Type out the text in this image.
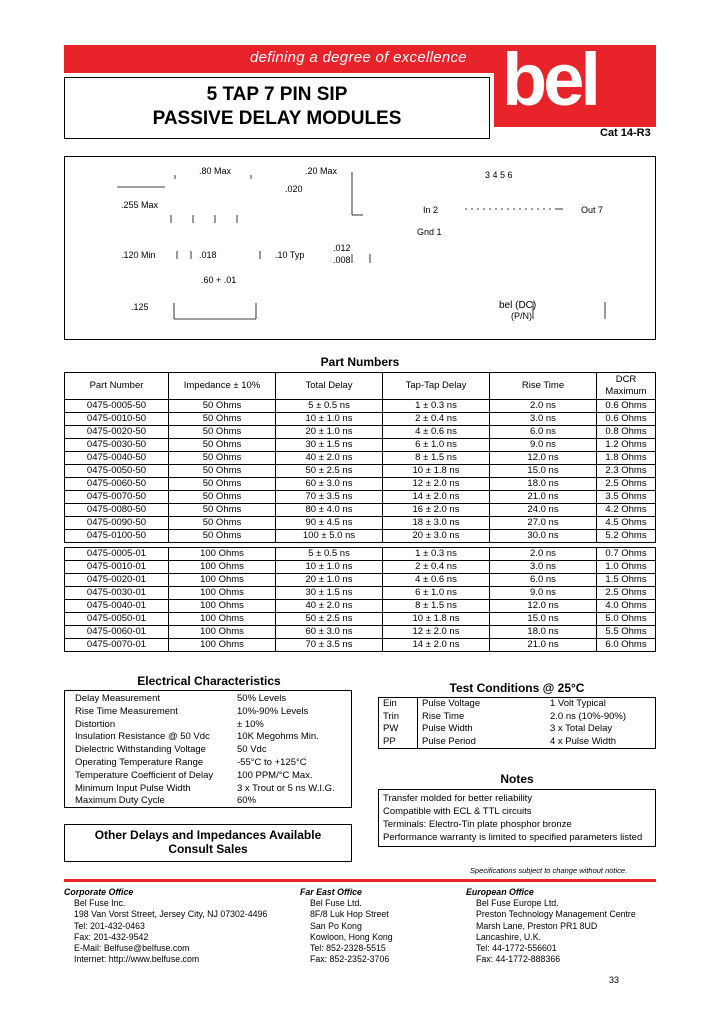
defining a degree of excellence bel
5 TAP 7 PIN SIP
PASSIVE DELAY MODULES
Cat 14-R3
.80 Max	.20 Max
.020
.255 Max
.120 Min	.018	.10 Typ
.012
.008
.60 + .01
.125
3 4 5 6
In 2	Out 7
Gnd 1
bel (DC)
(P/N)
Part Numbers
Part Number	Impedance ± 10%	Total Delay	Tap-Tap Delay	Rise Time	DCR Maximum
0475-0005-50	50 Ohms	5 ± 0.5 ns	1 ± 0.3 ns	2.0 ns	0.6 Ohms
0475-0010-50	50 Ohms	10 ± 1.0 ns	2 ± 0.4 ns	3.0 ns	0.6 Ohms
0475-0020-50	50 Ohms	20 ± 1.0 ns	4 ± 0.6 ns	6.0 ns	0.8 Ohms
0475-0030-50	50 Ohms	30 ± 1.5 ns	6 ± 1.0 ns	9.0 ns	1.2 Ohms
0475-0040-50	50 Ohms	40 ± 2.0 ns	8 ± 1.5 ns	12.0 ns	1.8 Ohms
0475-0050-50	50 Ohms	50 ± 2.5 ns	10 ± 1.8 ns	15.0 ns	2.3 Ohms
0475-0060-50	50 Ohms	60 ± 3.0 ns	12 ± 2.0 ns	18.0 ns	2.5 Ohms
0475-0070-50	50 Ohms	70 ± 3.5 ns	14 ± 2.0 ns	21.0 ns	3.5 Ohms
0475-0080-50	50 Ohms	80 ± 4.0 ns	16 ± 2.0 ns	24.0 ns	4.2 Ohms
0475-0090-50	50 Ohms	90 ± 4.5 ns	18 ± 3.0 ns	27.0 ns	4.5 Ohms
0475-0100-50	50 Ohms	100 ± 5.0 ns	20 ± 3.0 ns	30.0 ns	5.2 Ohms

0475-0005-01	100 Ohms	5 ± 0.5 ns	1 ± 0.3 ns	2.0 ns	0.7 Ohms
0475-0010-01	100 Ohms	10 ± 1.0 ns	2 ± 0.4 ns	3.0 ns	1.0 Ohms
0475-0020-01	100 Ohms	20 ± 1.0 ns	4 ± 0.6 ns	6.0 ns	1.5 Ohms
0475-0030-01	100 Ohms	30 ± 1.5 ns	6 ± 1.0 ns	9.0 ns	2.5 Ohms
0475-0040-01	100 Ohms	40 ± 2.0 ns	8 ± 1.5 ns	12.0 ns	4.0 Ohms
0475-0050-01	100 Ohms	50 ± 2.5 ns	10 ± 1.8 ns	15.0 ns	5.0 Ohms
0475-0060-01	100 Ohms	60 ± 3.0 ns	12 ± 2.0 ns	18.0 ns	5.5 Ohms
0475-0070-01	100 Ohms	70 ± 3.5 ns	14 ± 2.0 ns	21.0 ns	6.0 Ohms
Electrical Characteristics
Delay Measurement	50% Levels
Rise Time Measurement	10%-90% Levels
Distortion	± 10%
Insulation Resistance @ 50 Vdc	10K Megohms Min.
Dielectric Withstanding Voltage	50 Vdc
Operating Temperature Range	-55°C to +125°C
Temperature Coefficient of Delay	100 PPM/°C Max.
Minimum Input Pulse Width	3 x Trout or 5 ns W.I.G.
Maximum Duty Cycle	60%
Test Conditions @ 25°C
Ein	Pulse Voltage	1 Volt Typical
Trin	Rise Time	2.0 ns (10%-90%)
PW	Pulse Width	3 x Total Delay
PP	Pulse Period	4 x Pulse Width
Notes
Transfer molded for better reliability
Compatible with ECL & TTL circuits
Terminals: Electro-Tin plate phosphor bronze
Performance warranty is limited to specified parameters listed
Other Delays and Impedances Available
Consult Sales
Specifications subject to change without notice.
Corporate Office
Bel Fuse Inc.
198 Van Vorst Street, Jersey City, NJ 07302-4496
Tel: 201-432-0463
Fax: 201-432-9542
E-Mail: Belfuse@belfuse.com
Internet: http://www.belfuse.com
Far East Office
Bel Fuse Ltd.
8F/8 Luk Hop Street
San Po Kong
Kowloon, Hong Kong
Tel: 852-2328-5515
Fax: 852-2352-3706
European Office
Bel Fuse Europe Ltd.
Preston Technology Management Centre
Marsh Lane, Preston PR1 8UD
Lancashire, U.K.
Tel: 44-1772-556601
Fax: 44-1772-888366
33
